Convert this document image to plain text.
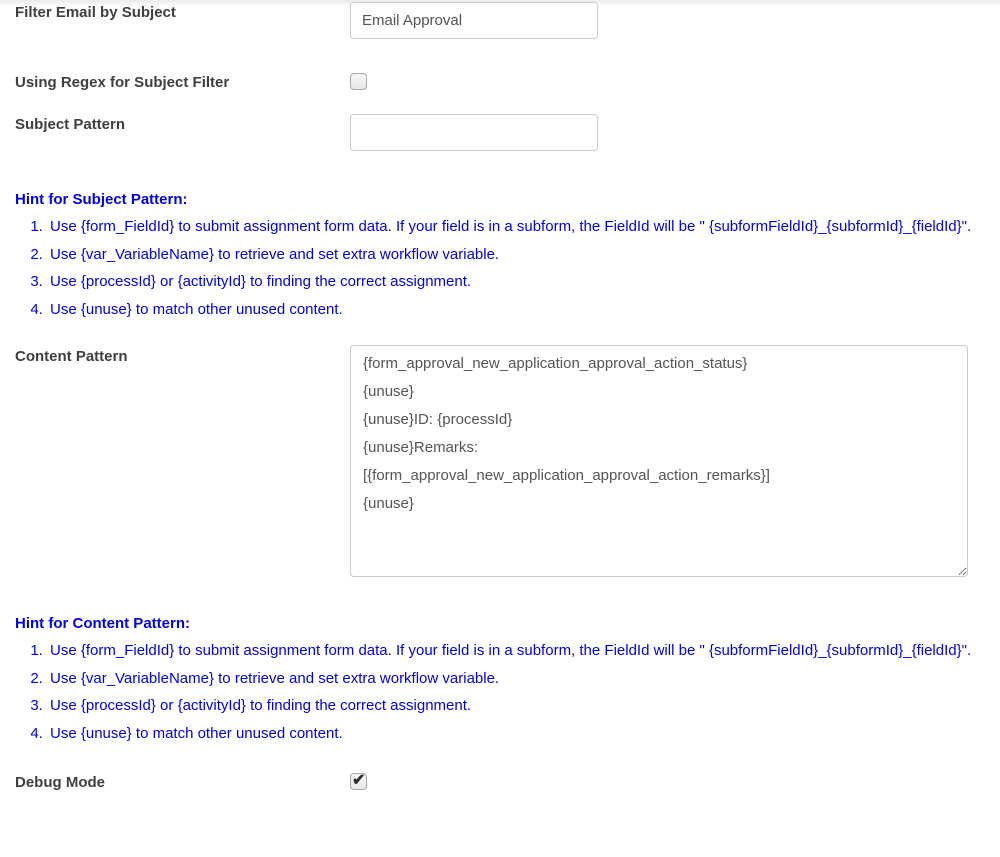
Filter Email by Subject
Email Approval
Using Regex for Subject Filter
Subject Pattern
Hint for Subject Pattern:
1. Use {form_FieldId} to submit assignment form data. If your field is in a subform, the FieldId will be " {subformFieldId}_{subformId}_{fieldId}".
2. Use {var_VariableName} to retrieve and set extra workflow variable.
3. Use {processId} or {activityId} to finding the correct assignment.
4. Use {unuse} to match other unused content.
Content Pattern
{form_approval_new_application_approval_action_status} {unuse} {unuse}ID: {processId} {unuse}Remarks: [{form_approval_new_application_approval_action_remarks}] {unuse}
Hint for Content Pattern:
1. Use {form_FieldId} to submit assignment form data. If your field is in a subform, the FieldId will be " {subformFieldId}_{subformId}_{fieldId}".
2. Use {var_VariableName} to retrieve and set extra workflow variable.
3. Use {processId} or {activityId} to finding the correct assignment.
4. Use {unuse} to match other unused content.
Debug Mode	✔
